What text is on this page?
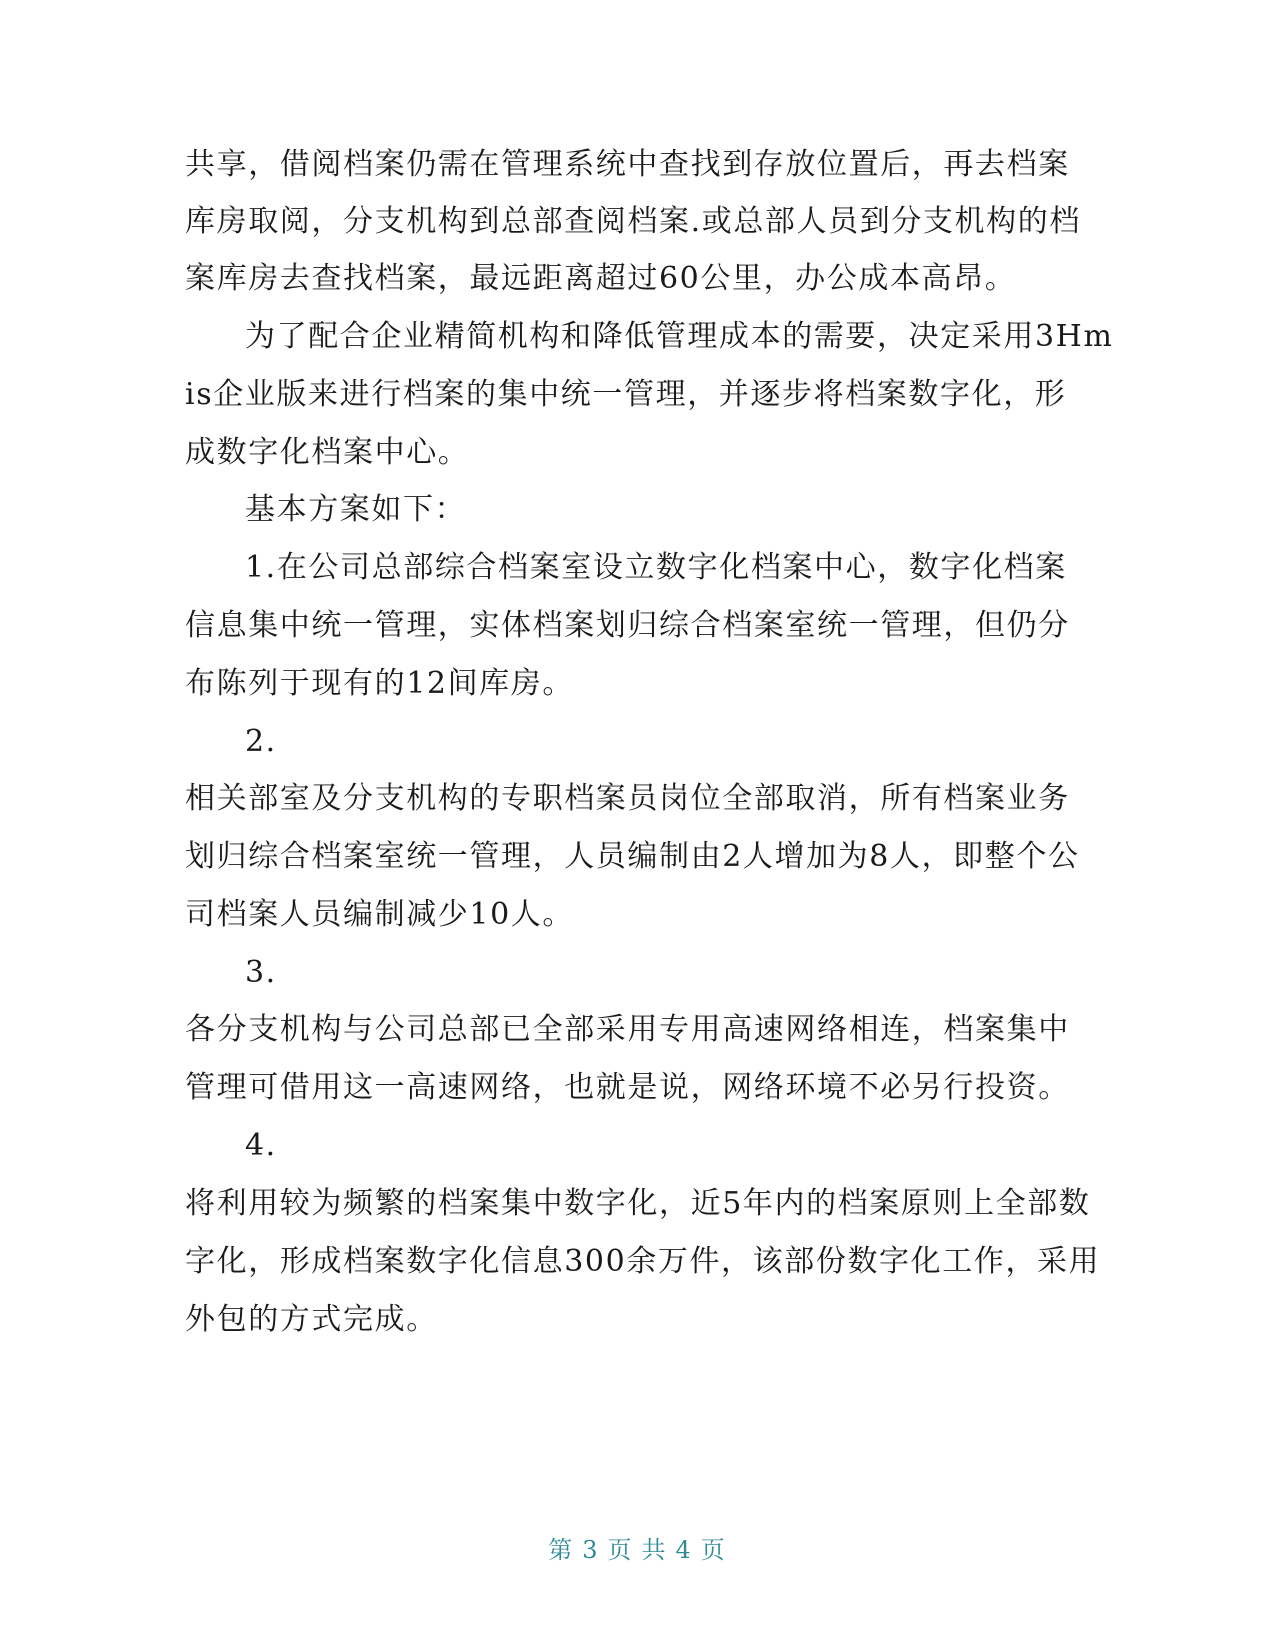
共享，借阅档案仍需在管理系统中查找到存放位置后，再去档案
库房取阅，分支机构到总部查阅档案.或总部人员到分支机构的档
案库房去查找档案，最远距离超过60公里，办公成本高昂。
为了配合企业精简机构和降低管理成本的需要，决定采用3Hm
is企业版来进行档案的集中统一管理，并逐步将档案数字化，形
成数字化档案中心。
基本方案如下：
1.在公司总部综合档案室设立数字化档案中心，数字化档案
信息集中统一管理，实体档案划归综合档案室统一管理，但仍分
布陈列于现有的12间库房。
2.
相关部室及分支机构的专职档案员岗位全部取消，所有档案业务
划归综合档案室统一管理，人员编制由2人增加为8人，即整个公
司档案人员编制减少10人。
3.
各分支机构与公司总部已全部采用专用高速网络相连，档案集中
管理可借用这一高速网络，也就是说，网络环境不必另行投资。
4.
将利用较为频繁的档案集中数字化，近5年内的档案原则上全部数
字化，形成档案数字化信息300余万件，该部份数字化工作，采用
外包的方式完成。
第 3 页 共 4 页
